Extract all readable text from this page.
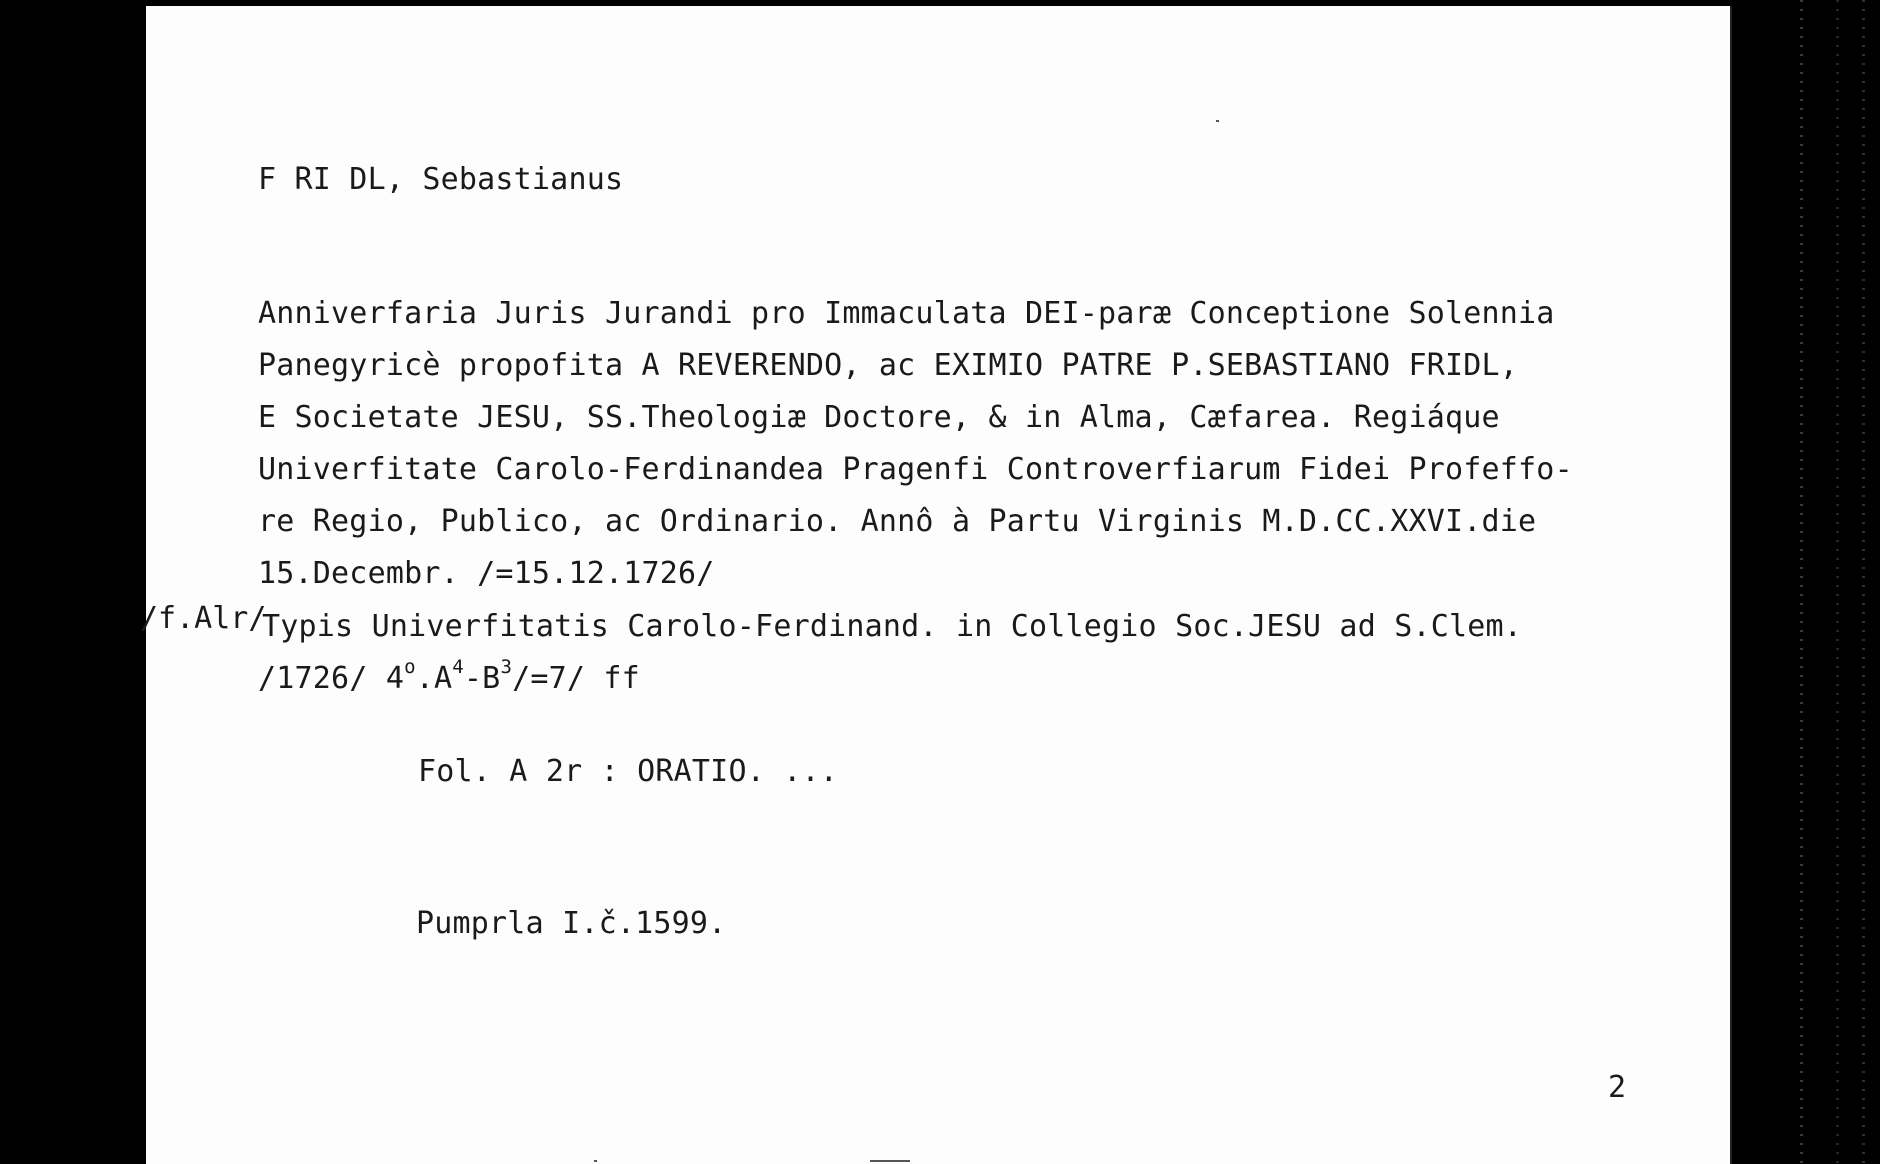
F RI DL, Sebastianus
Anniverfaria Juris Jurandi pro Immaculata DEI-paræ Conceptione Solennia
Panegyricè propofita A REVERENDO, ac EXIMIO PATRE P.SEBASTIANO FRIDL,
E Societate JESU, SS.Theologiæ Doctore, & in Alma, Cæfarea. Regiáque
Univerfitate Carolo-Ferdinandea Pragenfi Controverfiarum Fidei Profeffo-
re Regio, Publico, ac Ordinario. Annô à Partu Virginis M.D.CC.XXVI.die
15.Decembr. /=15.12.1726/
/f.Alr/
Typis Univerfitatis Carolo-Ferdinand. in Collegio Soc.JESU ad S.Clem.
/1726/ $4^o.A^4-B^3/=7/$ ff
Fol. A 2r : ORATIO. ...
Pumprla I.č.1599.
2
